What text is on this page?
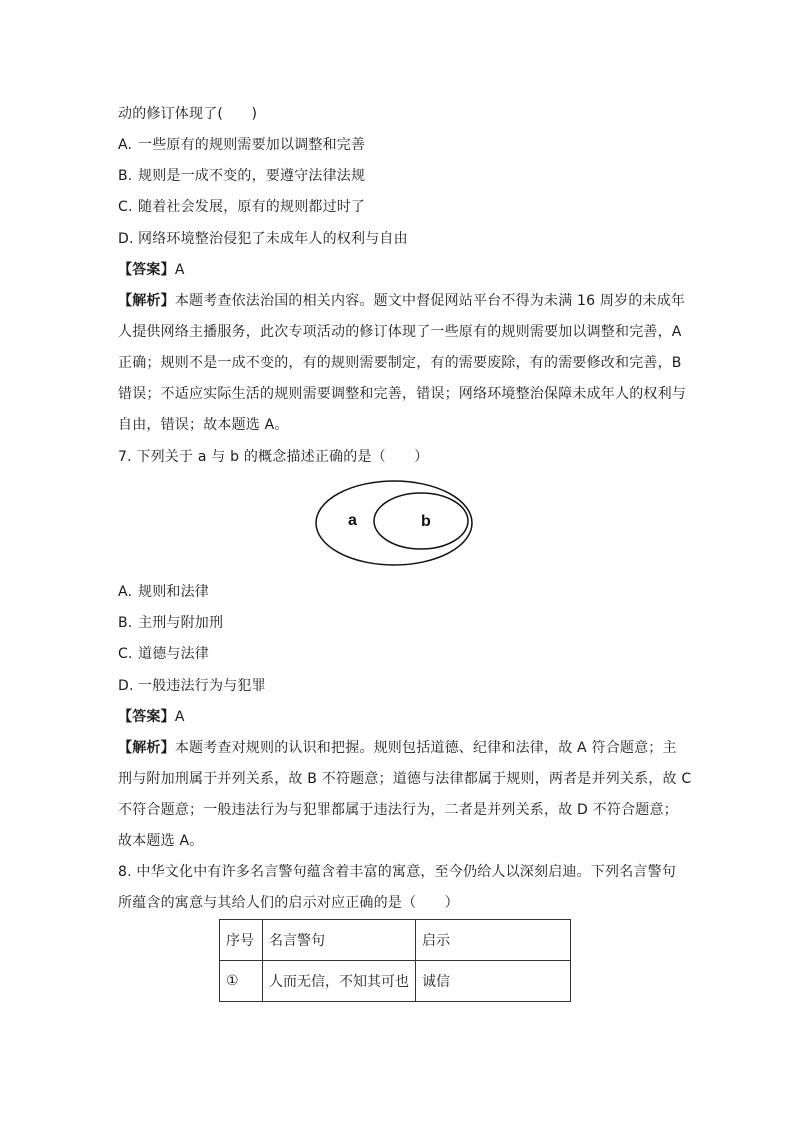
动的修订体现了(　　)
A. 一些原有的规则需要加以调整和完善
B. 规则是一成不变的，要遵守法律法规
C. 随着社会发展，原有的规则都过时了
D. 网络环境整治侵犯了未成年人的权利与自由
【答案】A
【解析】本题考查依法治国的相关内容。题文中督促网站平台不得为未满 16 周岁的未成年
人提供网络主播服务，此次专项活动的修订体现了一些原有的规则需要加以调整和完善，A
正确；规则不是一成不变的，有的规则需要制定，有的需要废除，有的需要修改和完善，B
错误；不适应实际生活的规则需要调整和完善，错误；网络环境整治保障未成年人的权利与
自由，错误；故本题选 A。
7. 下列关于 a 与 b 的概念描述正确的是（　　）
a	b
A. 规则和法律
B. 主刑与附加刑
C. 道德与法律
D. 一般违法行为与犯罪
【答案】A
【解析】本题考查对规则的认识和把握。规则包括道德、纪律和法律，故 A 符合题意；主
刑与附加刑属于并列关系，故 B 不符题意；道德与法律都属于规则，两者是并列关系，故 C
不符合题意；一般违法行为与犯罪都属于违法行为，二者是并列关系，故 D 不符合题意；
故本题选 A。
8. 中华文化中有许多名言警句蕴含着丰富的寓意，至今仍给人以深刻启迪。下列名言警句
所蕴含的寓意与其给人们的启示对应正确的是（　　）
序号	名言警句	启示
①	人而无信，不知其可也	诚信
